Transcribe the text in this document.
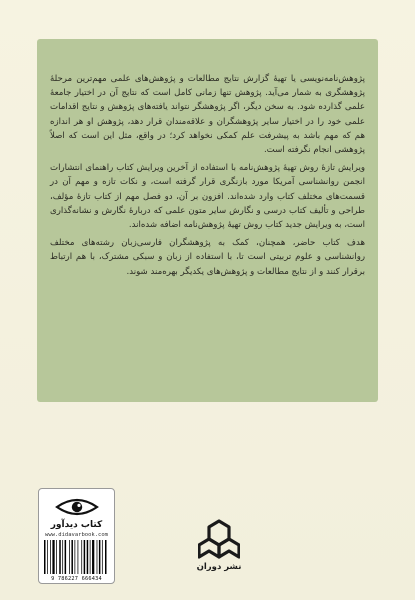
پژوهش‌نامه‌نویسی یا تهیهٔ گزارش نتایج مطالعات و پژوهش‌های علمی مهم‌ترین مرحلهٔ پژوهشگری به شمار می‌آید. پژوهش تنها زمانی کامل است که نتایج آن در اختیار جامعهٔ علمی گذارده شود. به سخن دیگر، اگر پژوهشگر نتواند یافته‌های پژوهش و نتایج اقدامات علمی خود را در اختیار سایر پژوهشگران و علاقه‌مندان قرار دهد، پژوهش او هر اندازه هم که مهم باشد به پیشرفت علم کمکی نخواهد کرد؛ در واقع، مثل این است که اصلاً پژوهشی انجام نگرفته است.

ویرایش تازهٔ روش تهیهٔ پژوهش‌نامه با استفاده از آخرین ویرایش کتاب راهنمای انتشارات انجمن روانشناسی آمریکا مورد بازنگری قرار گرفته است، و نکات تازه و مهم آن در قسمت‌های مختلف کتاب وارد شده‌اند. افزون بر آن، دو فصل مهم از کتاب تازهٔ مؤلف، طراحی و تألیف کتاب درسی و نگارش سایر متون علمی که دربارهٔ نگارش و نشانه‌گذاری است، به ویرایش جدید کتاب روش تهیهٔ پژوهش‌نامه اضافه شده‌اند.

هدف کتاب حاضر، همچنان، کمک به پژوهشگران فارسی‌زبان رشته‌های مختلف روانشناسی و علوم تربیتی است تا، با استفاده از زبان و سبکی مشترک، با هم ارتباط برقرار کنند و از نتایج مطالعات و پژوهش‌های یکدیگر بهره‌مند شوند.

کتاب دیدآور
www.didavarbook.com
9 786227 666434
نشر دوران
